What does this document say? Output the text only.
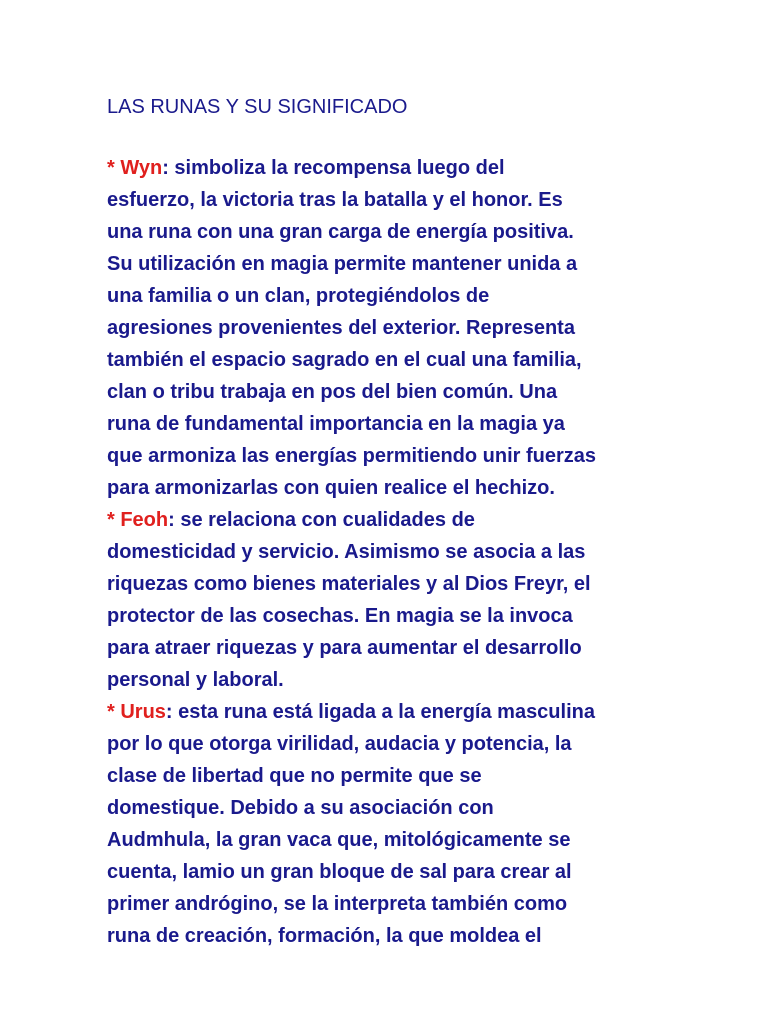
LAS RUNAS Y SU SIGNIFICADO

* Wyn: simboliza la recompensa luego del
esfuerzo, la victoria tras la batalla y el honor. Es
una runa con una gran carga de energía positiva.
Su utilización en magia permite mantener unida a
una familia o un clan, protegiéndolos de
agresiones provenientes del exterior. Representa
también el espacio sagrado en el cual una familia,
clan o tribu trabaja en pos del bien común. Una
runa de fundamental importancia en la magia ya
que armoniza las energías permitiendo unir fuerzas
para armonizarlas con quien realice el hechizo.

* Feoh: se relaciona con cualidades de
domesticidad y servicio. Asimismo se asocia a las
riquezas como bienes materiales y al Dios Freyr, el
protector de las cosechas. En magia se la invoca
para atraer riquezas y para aumentar el desarrollo
personal y laboral.

* Urus: esta runa está ligada a la energía masculina
por lo que otorga virilidad, audacia y potencia, la
clase de libertad que no permite que se
domestique. Debido a su asociación con
Audmhula, la gran vaca que, mitológicamente se
cuenta, lamio un gran bloque de sal para crear al
primer andrógino, se la interpreta también como
runa de creación, formación, la que moldea el
